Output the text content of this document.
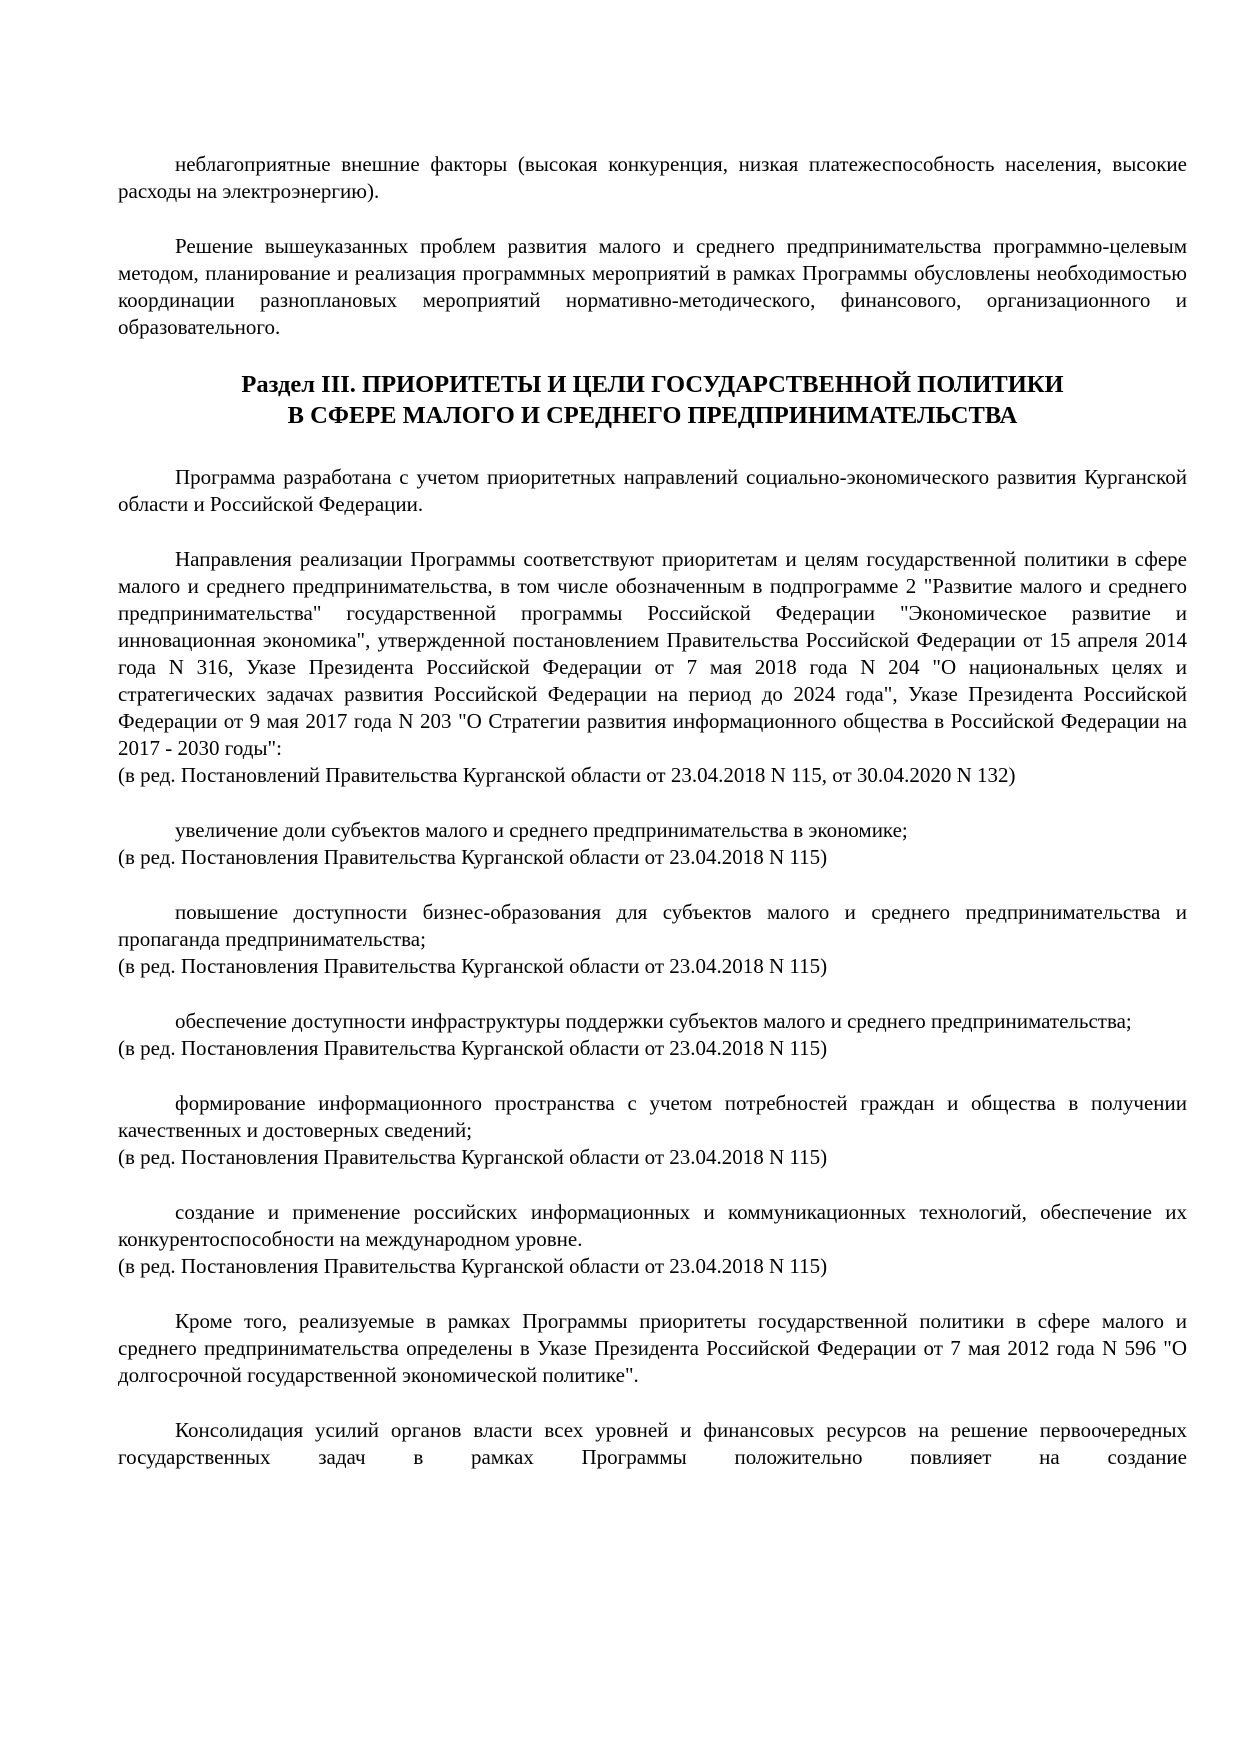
неблагоприятные внешние факторы (высокая конкуренция, низкая платежеспособность населения, высокие расходы на электроэнергию).

Решение вышеуказанных проблем развития малого и среднего предпринимательства программно-целевым методом, планирование и реализация программных мероприятий в рамках Программы обусловлены необходимостью координации разноплановых мероприятий нормативно-методического, финансового, организационного и образовательного.

Раздел III. ПРИОРИТЕТЫ И ЦЕЛИ ГОСУДАРСТВЕННОЙ ПОЛИТИКИ
В СФЕРЕ МАЛОГО И СРЕДНЕГО ПРЕДПРИНИМАТЕЛЬСТВА

Программа разработана с учетом приоритетных направлений социально-экономического развития Курганской области и Российской Федерации.

Направления реализации Программы соответствуют приоритетам и целям государственной политики в сфере малого и среднего предпринимательства, в том числе обозначенным в подпрограмме 2 "Развитие малого и среднего предпринимательства" государственной программы Российской Федерации "Экономическое развитие и инновационная экономика", утвержденной постановлением Правительства Российской Федерации от 15 апреля 2014 года N 316, Указе Президента Российской Федерации от 7 мая 2018 года N 204 "О национальных целях и стратегических задачах развития Российской Федерации на период до 2024 года", Указе Президента Российской Федерации от 9 мая 2017 года N 203 "О Стратегии развития информационного общества в Российской Федерации на 2017 - 2030 годы":

(в ред. Постановлений Правительства Курганской области от 23.04.2018 N 115, от 30.04.2020 N 132)

увеличение доли субъектов малого и среднего предпринимательства в экономике;

(в ред. Постановления Правительства Курганской области от 23.04.2018 N 115)

повышение доступности бизнес-образования для субъектов малого и среднего предпринимательства и пропаганда предпринимательства;

(в ред. Постановления Правительства Курганской области от 23.04.2018 N 115)

обеспечение доступности инфраструктуры поддержки субъектов малого и среднего предпринимательства;

(в ред. Постановления Правительства Курганской области от 23.04.2018 N 115)

формирование информационного пространства с учетом потребностей граждан и общества в получении качественных и достоверных сведений;

(в ред. Постановления Правительства Курганской области от 23.04.2018 N 115)

создание и применение российских информационных и коммуникационных технологий, обеспечение их конкурентоспособности на международном уровне.

(в ред. Постановления Правительства Курганской области от 23.04.2018 N 115)

Кроме того, реализуемые в рамках Программы приоритеты государственной политики в сфере малого и среднего предпринимательства определены в Указе Президента Российской Федерации от 7 мая 2012 года N 596 "О долгосрочной государственной экономической политике".

Консолидация усилий органов власти всех уровней и финансовых ресурсов на решение первоочередных государственных задач в рамках Программы положительно повлияет на создание
